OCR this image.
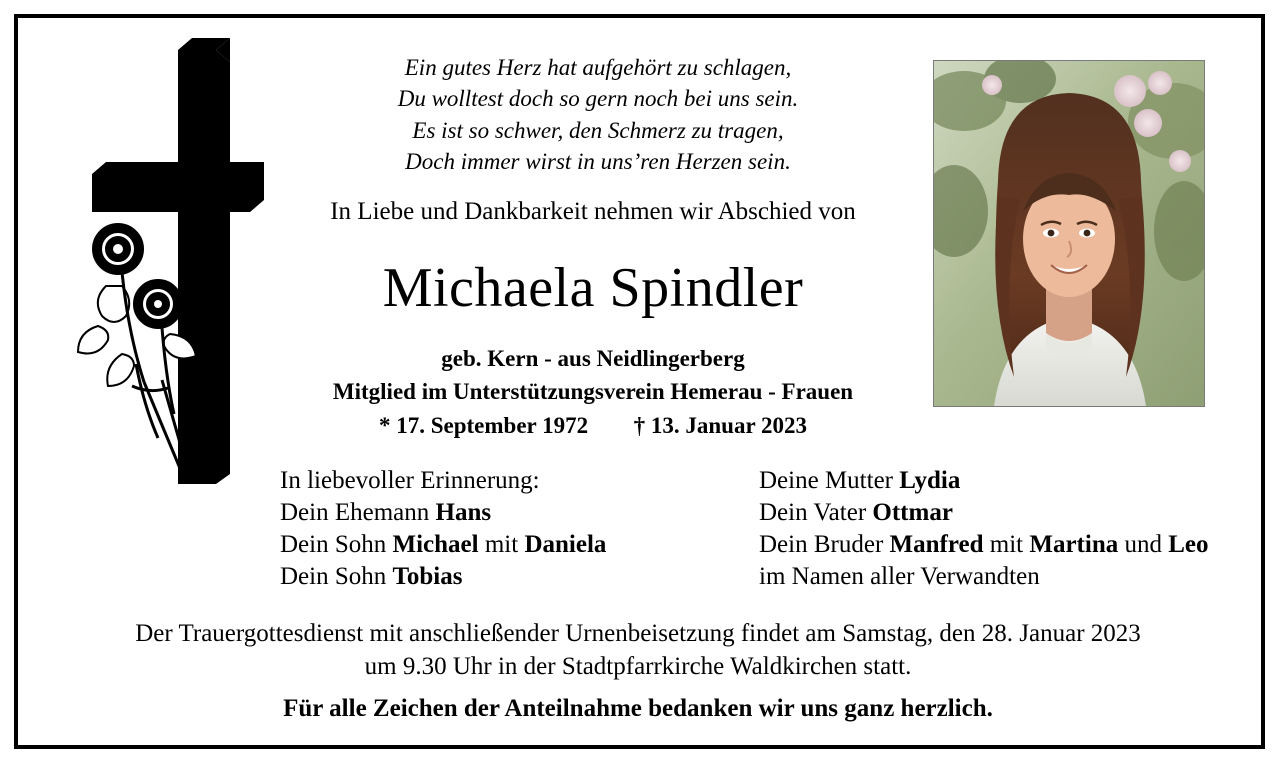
Ein gutes Herz hat aufgehört zu schlagen,
Du wolltest doch so gern noch bei uns sein.
Es ist so schwer, den Schmerz zu tragen,
Doch immer wirst in uns’ren Herzen sein.
In Liebe und Dankbarkeit nehmen wir Abschied von
Michaela Spindler
geb. Kern - aus Neidlingerberg
Mitglied im Unterstützungsverein Hemerau - Frauen
* 17. September 1972 † 13. Januar 2023
In liebevoller Erinnerung:
Dein Ehemann Hans
Dein Sohn Michael mit Daniela
Dein Sohn Tobias
Deine Mutter Lydia
Dein Vater Ottmar
Dein Bruder Manfred mit Martina und Leo
im Namen aller Verwandten
Der Trauergottesdienst mit anschließender Urnenbeisetzung findet am Samstag, den 28. Januar 2023
um 9.30 Uhr in der Stadtpfarrkirche Waldkirchen statt.
Für alle Zeichen der Anteilnahme bedanken wir uns ganz herzlich.
